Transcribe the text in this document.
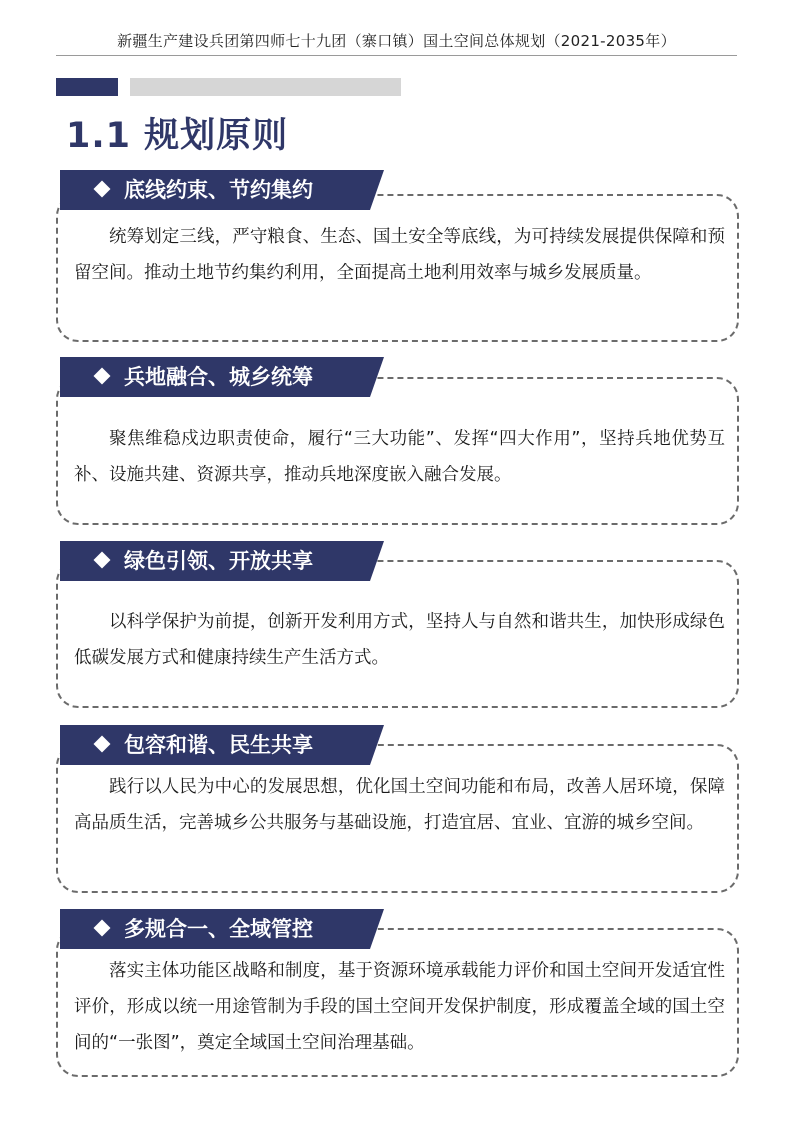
新疆生产建设兵团第四师七十九团（寨口镇）国土空间总体规划（2021-2035年）
1.1 规划原则
底线约束、节约集约
统筹划定三线，严守粮食、生态、国土安全等底线，为可持续发展提供保障和预留空间。推动土地节约集约利用，全面提高土地利用效率与城乡发展质量。
兵地融合、城乡统筹
聚焦维稳戍边职责使命，履行“三大功能”、发挥“四大作用”，坚持兵地优势互补、设施共建、资源共享，推动兵地深度嵌入融合发展。
绿色引领、开放共享
以科学保护为前提，创新开发利用方式，坚持人与自然和谐共生，加快形成绿色低碳发展方式和健康持续生产生活方式。
包容和谐、民生共享
践行以人民为中心的发展思想，优化国土空间功能和布局，改善人居环境，保障高品质生活，完善城乡公共服务与基础设施，打造宜居、宜业、宜游的城乡空间。
多规合一、全域管控
落实主体功能区战略和制度，基于资源环境承载能力评价和国土空间开发适宜性评价，形成以统一用途管制为手段的国土空间开发保护制度，形成覆盖全域的国土空间的“一张图”，奠定全域国土空间治理基础。
